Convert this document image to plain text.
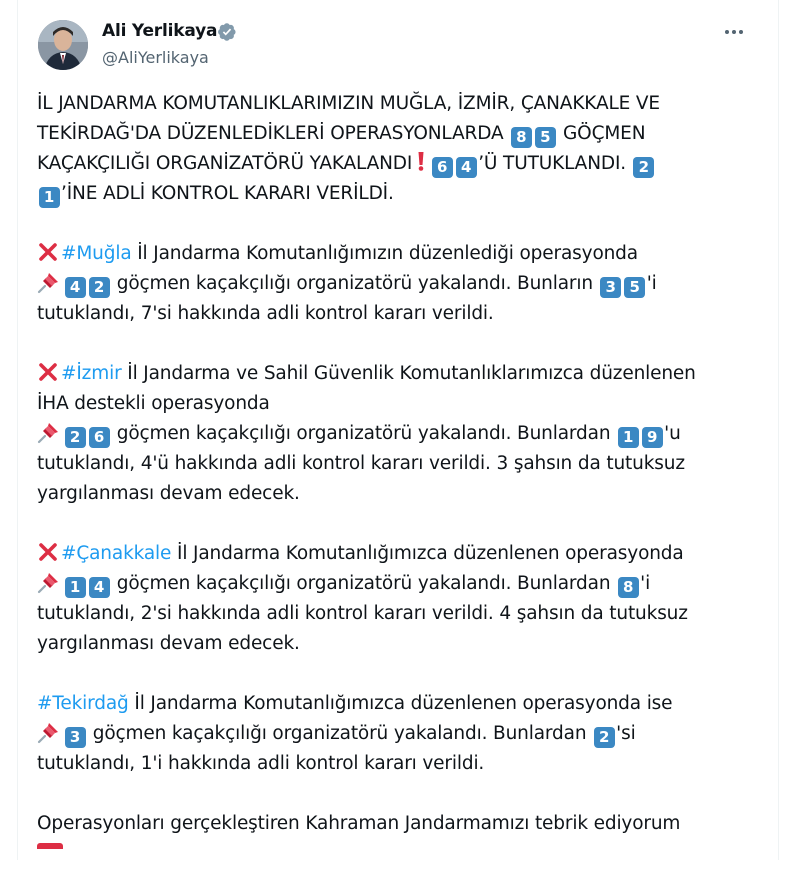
Ali Yerlikaya
@AliYerlikaya

İL JANDARMA KOMUTANLIKLARIMIZIN MUĞLA, İZMİR, ÇANAKKALE VE
TEKİRDAĞ'DA DÜZENLEDİKLERİ OPERASYONLARDA 8 5 GÖÇMEN
KAÇAKÇILIĞI ORGANİZATÖRÜ YAKALANDI 6 4 ’Ü TUTUKLANDI. 2
1 ’İNE ADLİ KONTROL KARARI VERİLDİ.

#Muğla İl Jandarma Komutanlığımızın düzenlediği operasyonda
4 2 göçmen kaçakçılığı organizatörü yakalandı. Bunların 3 5 'i
tutuklandı, 7'si hakkında adli kontrol kararı verildi.

#İzmir İl Jandarma ve Sahil Güvenlik Komutanlıklarımızca düzenlenen
İHA destekli operasyonda
2 6 göçmen kaçakçılığı organizatörü yakalandı. Bunlardan 1 9 'u
tutuklandı, 4'ü hakkında adli kontrol kararı verildi. 3 şahsın da tutuksuz
yargılanması devam edecek.

#Çanakkale İl Jandarma Komutanlığımızca düzenlenen operasyonda
1 4 göçmen kaçakçılığı organizatörü yakalandı. Bunlardan 8 'i
tutuklandı, 2'si hakkında adli kontrol kararı verildi. 4 şahsın da tutuksuz
yargılanması devam edecek.

#Tekirdağ İl Jandarma Komutanlığımızca düzenlenen operasyonda ise
3 göçmen kaçakçılığı organizatörü yakalandı. Bunlardan 2 'si
tutuklandı, 1'i hakkında adli kontrol kararı verildi.

Operasyonları gerçekleştiren Kahraman Jandarmamızı tebrik ediyorum
